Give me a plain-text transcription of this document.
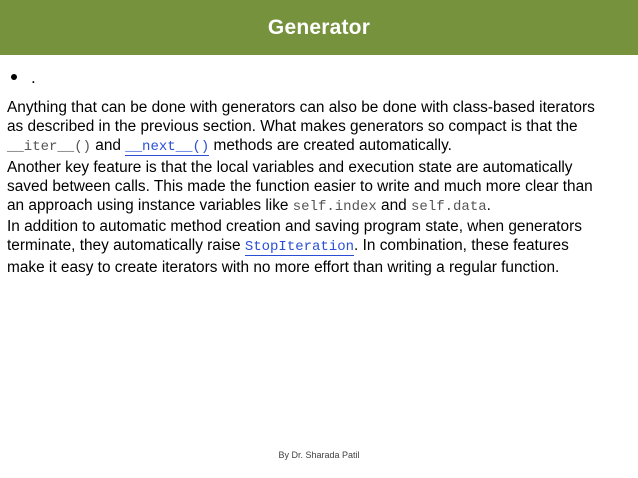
Generator
.
Anything that can be done with generators can also be done with class-based iterators
as described in the previous section. What makes generators so compact is that the
__iter__() and __next__() methods are created automatically.
Another key feature is that the local variables and execution state are automatically
saved between calls. This made the function easier to write and much more clear than
an approach using instance variables like self.index and self.data.
In addition to automatic method creation and saving program state, when generators
terminate, they automatically raise StopIteration. In combination, these features
make it easy to create iterators with no more effort than writing a regular function.
By Dr. Sharada Patil
